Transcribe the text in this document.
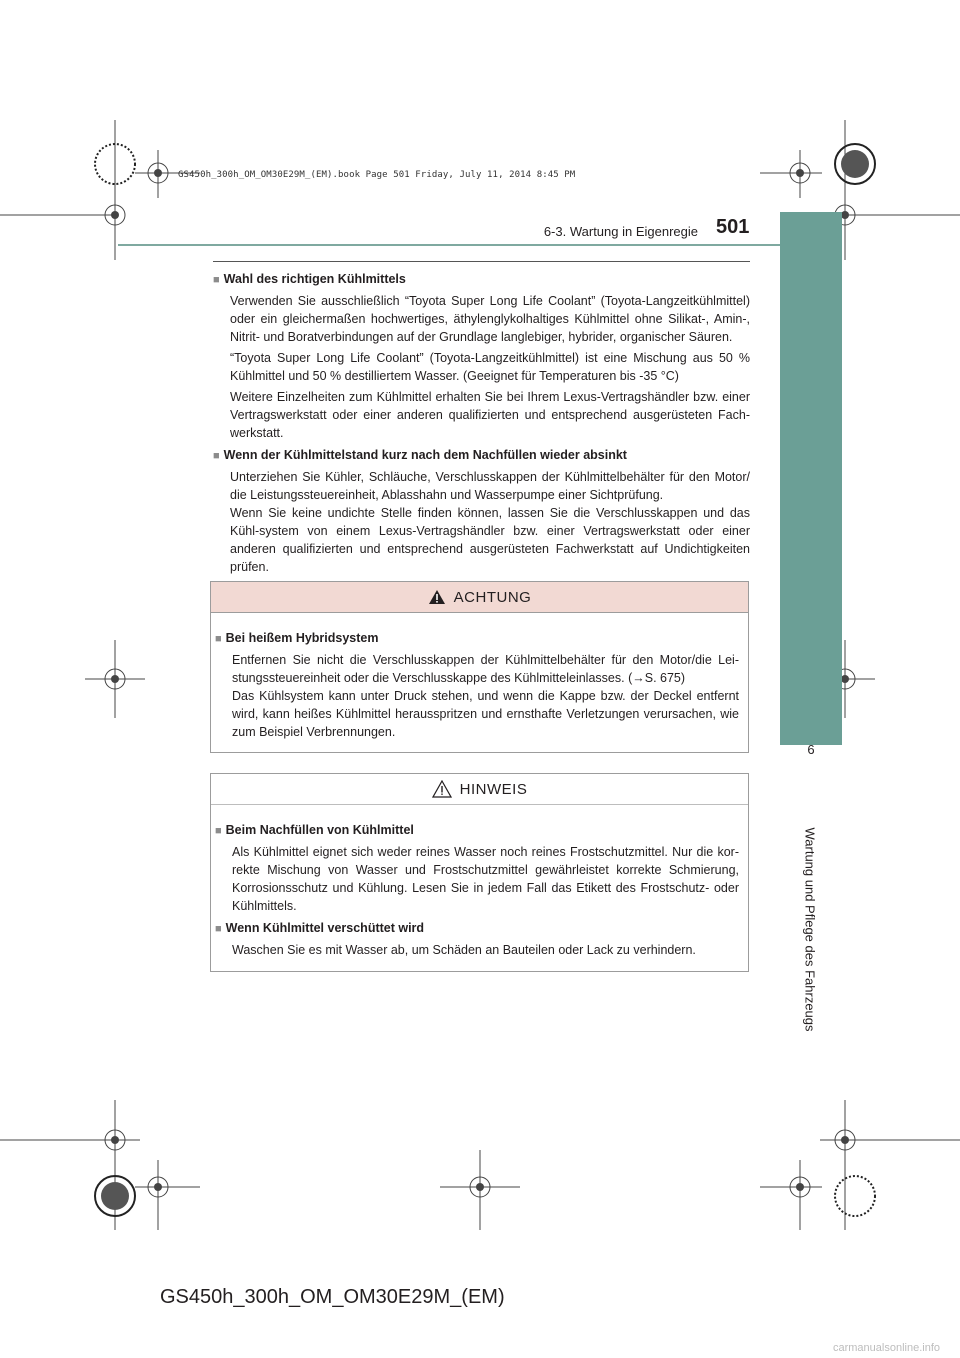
GS450h_300h_OM_OM30E29M_(EM).book Page 501 Friday, July 11, 2014 8:45 PM
6-3. Wartung in Eigenregie 501
6
Wartung und Pflege des Fahrzeugs
■ Wahl des richtigen Kühlmittels
Verwenden Sie ausschließlich “Toyota Super Long Life Coolant” (Toyota-Langzeitkühlmittel) oder ein gleichermaßen hochwertiges, äthylenglykolhaltiges Kühlmittel ohne Silikat-, Amin-, Nitrit- und Boratverbindungen auf der Grundlage langlebiger, hybrider, organischer Säuren.
“Toyota Super Long Life Coolant” (Toyota-Langzeitkühlmittel) ist eine Mischung aus 50 % Kühlmittel und 50 % destilliertem Wasser. (Geeignet für Temperaturen bis -35 °C)
Weitere Einzelheiten zum Kühlmittel erhalten Sie bei Ihrem Lexus-Vertragshändler bzw. einer Vertragswerkstatt oder einer anderen qualifizierten und entsprechend ausgerüsteten Fach-werkstatt.
■ Wenn der Kühlmittelstand kurz nach dem Nachfüllen wieder absinkt
Unterziehen Sie Kühler, Schläuche, Verschlusskappen der Kühlmittelbehälter für den Motor/ die Leistungssteuereinheit, Ablasshahn und Wasserpumpe einer Sichtprüfung.
Wenn Sie keine undichte Stelle finden können, lassen Sie die Verschlusskappen und das Kühl-system von einem Lexus-Vertragshändler bzw. einer Vertragswerkstatt oder einer anderen qualifizierten und entsprechend ausgerüsteten Fachwerkstatt auf Undichtigkeiten prüfen.
ACHTUNG
■ Bei heißem Hybridsystem
Entfernen Sie nicht die Verschlusskappen der Kühlmittelbehälter für den Motor/die Lei-stungssteuereinheit oder die Verschlusskappe des Kühlmitteleinlasses. (→S. 675)
Das Kühlsystem kann unter Druck stehen, und wenn die Kappe bzw. der Deckel entfernt wird, kann heißes Kühlmittel herausspritzen und ernsthafte Verletzungen verursachen, wie zum Beispiel Verbrennungen.
HINWEIS
■ Beim Nachfüllen von Kühlmittel
Als Kühlmittel eignet sich weder reines Wasser noch reines Frostschutzmittel. Nur die kor-rekte Mischung von Wasser und Frostschutzmittel gewährleistet korrekte Schmierung, Korrosionsschutz und Kühlung. Lesen Sie in jedem Fall das Etikett des Frostschutz- oder Kühlmittels.
■ Wenn Kühlmittel verschüttet wird
Waschen Sie es mit Wasser ab, um Schäden an Bauteilen oder Lack zu verhindern.
GS450h_300h_OM_OM30E29M_(EM)
carmanualsonline.info
